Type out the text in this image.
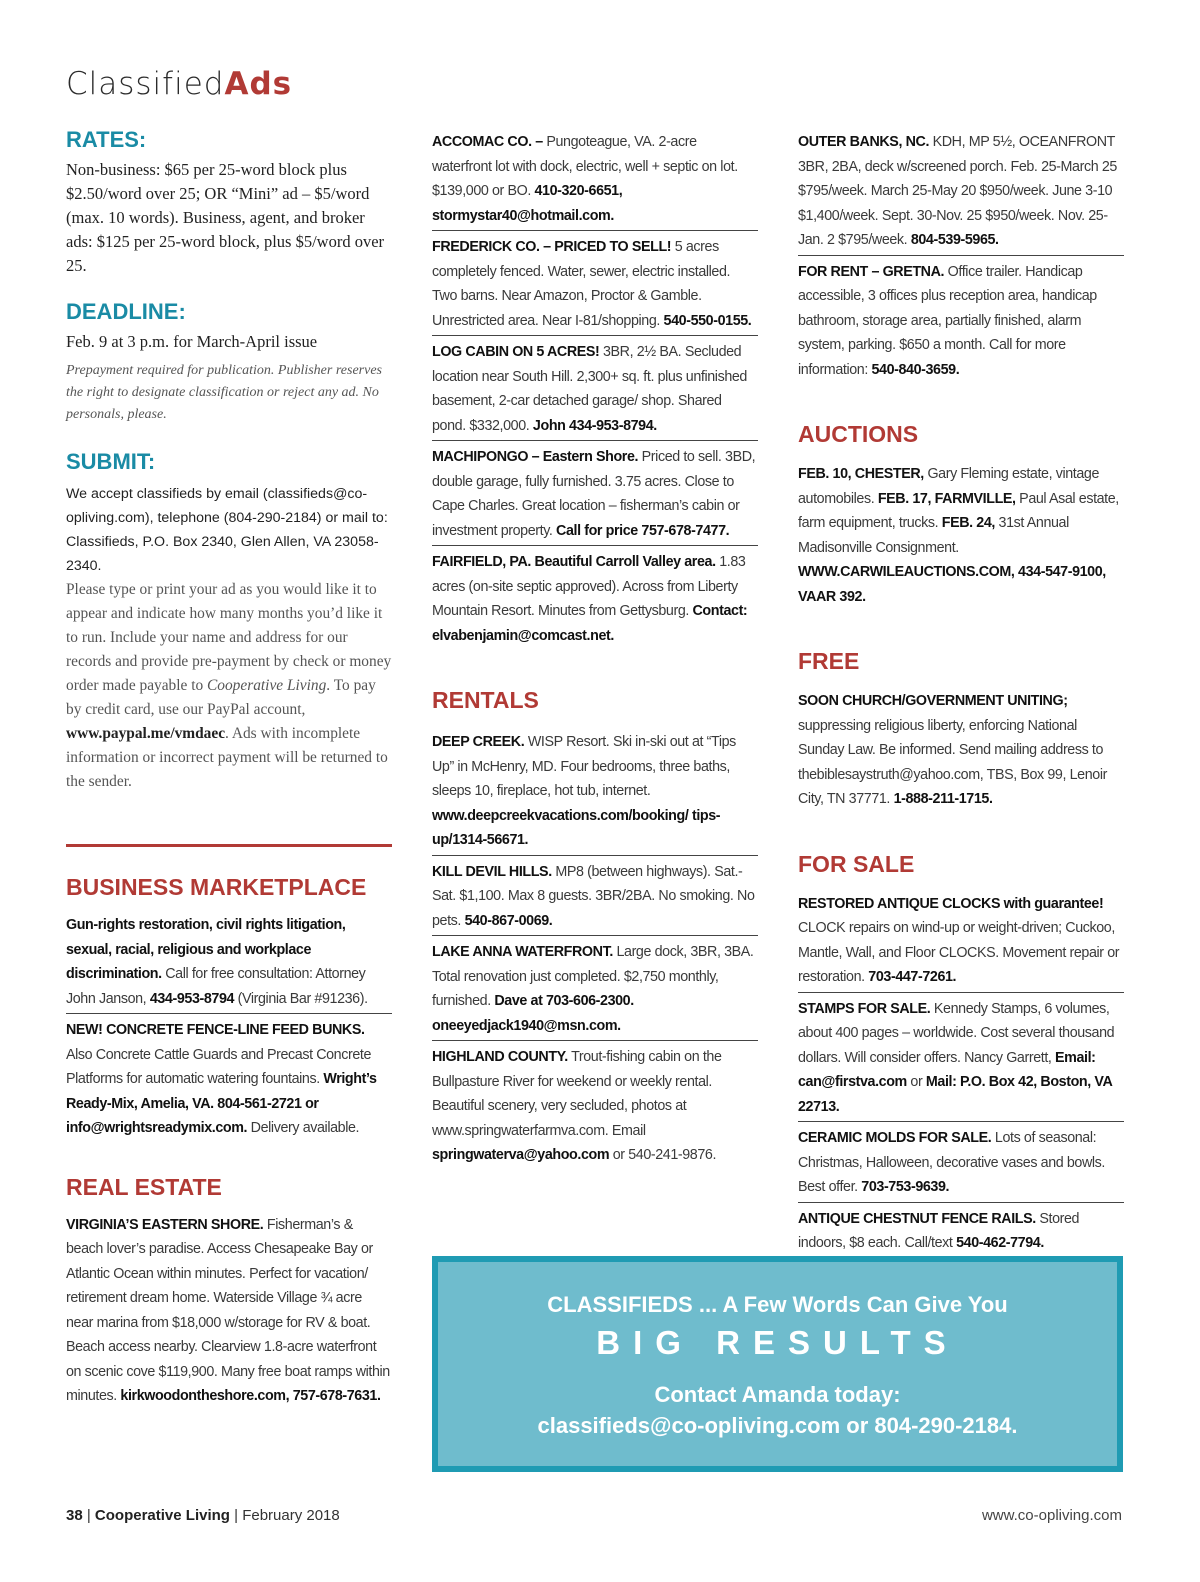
ClassifiedAds
RATES:
Non-business: $65 per 25-word block plus $2.50/word over 25; OR “Mini” ad – $5/word (max. 10 words). Business, agent, and broker ads: $125 per 25-word block, plus $5/word over 25.
DEADLINE:
Feb. 9 at 3 p.m. for March-April issue
Prepayment required for publication. Publisher reserves the right to designate classification or reject any ad. No personals, please.
SUBMIT:
We accept classifieds by email (classifieds@co-opliving.com), telephone (804-290-2184) or mail to: Classifieds, P.O. Box 2340, Glen Allen, VA 23058-2340.
Please type or print your ad as you would like it to appear and indicate how many months you’d like it to run. Include your name and address for our records and provide pre-payment by check or money order made payable to Cooperative Living. To pay by credit card, use our PayPal account, www.paypal.me/vmdaec. Ads with incomplete information or incorrect payment will be returned to the sender.
BUSINESS MARKETPLACE
Gun-rights restoration, civil rights litigation, sexual, racial, religious and workplace discrimination. Call for free consultation: Attorney John Janson, 434-953-8794 (Virginia Bar #91236).
NEW! CONCRETE FENCE-LINE FEED BUNKS. Also Concrete Cattle Guards and Precast Concrete Platforms for automatic watering fountains. Wright’s Ready-Mix, Amelia, VA. 804-561-2721 or info@wrightsreadymix.com. Delivery available.
REAL ESTATE
VIRGINIA’S EASTERN SHORE. Fisherman’s & beach lover’s paradise. Access Chesapeake Bay or Atlantic Ocean within minutes. Perfect for vacation/ retirement dream home. Waterside Village ¾ acre near marina from $18,000 w/storage for RV & boat. Beach access nearby. Clearview 1.8-acre waterfront on scenic cove $119,900. Many free boat ramps within minutes. kirkwoodontheshore.com, 757-678-7631.
ACCOMAC CO. – Pungoteague, VA. 2-acre waterfront lot with dock, electric, well + septic on lot. $139,000 or BO. 410-320-6651, stormystar40@hotmail.com.
FREDERICK CO. – PRICED TO SELL! 5 acres completely fenced. Water, sewer, electric installed. Two barns. Near Amazon, Proctor & Gamble. Unrestricted area. Near I-81/shopping. 540-550-0155.
LOG CABIN ON 5 ACRES! 3BR, 2½ BA. Secluded location near South Hill. 2,300+ sq. ft. plus unfinished basement, 2-car detached garage/ shop. Shared pond. $332,000. John 434-953-8794.
MACHIPONGO – Eastern Shore. Priced to sell. 3BD, double garage, fully furnished. 3.75 acres. Close to Cape Charles. Great location – fisherman’s cabin or investment property. Call for price 757-678-7477.
FAIRFIELD, PA. Beautiful Carroll Valley area. 1.83 acres (on-site septic approved). Across from Liberty Mountain Resort. Minutes from Gettysburg. Contact: elvabenjamin@comcast.net.
RENTALS
DEEP CREEK. WISP Resort. Ski in-ski out at “Tips Up” in McHenry, MD. Four bedrooms, three baths, sleeps 10, fireplace, hot tub, internet. www.deepcreekvacations.com/booking/ tips-up/1314-56671.
KILL DEVIL HILLS. MP8 (between highways). Sat.-Sat. $1,100. Max 8 guests. 3BR/2BA. No smoking. No pets. 540-867-0069.
LAKE ANNA WATERFRONT. Large dock, 3BR, 3BA. Total renovation just completed. $2,750 monthly, furnished. Dave at 703-606-2300. oneeyedjack1940@msn.com.
HIGHLAND COUNTY. Trout-fishing cabin on the Bullpasture River for weekend or weekly rental. Beautiful scenery, very secluded, photos at www.springwaterfarmva.com. Email springwaterva@yahoo.com or 540-241-9876.
OUTER BANKS, NC. KDH, MP 5½, OCEANFRONT 3BR, 2BA, deck w/screened porch. Feb. 25-March 25 $795/week. March 25-May 20 $950/week. June 3-10 $1,400/week. Sept. 30-Nov. 25 $950/week. Nov. 25-Jan. 2 $795/week. 804-539-5965.
FOR RENT – GRETNA. Office trailer. Handicap accessible, 3 offices plus reception area, handicap bathroom, storage area, partially finished, alarm system, parking. $650 a month. Call for more information: 540-840-3659.
AUCTIONS
FEB. 10, CHESTER, Gary Fleming estate, vintage automobiles. FEB. 17, FARMVILLE, Paul Asal estate, farm equipment, trucks. FEB. 24, 31st Annual Madisonville Consignment. WWW.CARWILEAUCTIONS.COM, 434-547-9100, VAAR 392.
FREE
SOON CHURCH/GOVERNMENT UNITING; suppressing religious liberty, enforcing National Sunday Law. Be informed. Send mailing address to thebiblesaystruth@yahoo.com, TBS, Box 99, Lenoir City, TN 37771. 1-888-211-1715.
FOR SALE
RESTORED ANTIQUE CLOCKS with guarantee! CLOCK repairs on wind-up or weight-driven; Cuckoo, Mantle, Wall, and Floor CLOCKS. Movement repair or restoration. 703-447-7261.
STAMPS FOR SALE. Kennedy Stamps, 6 volumes, about 400 pages – worldwide. Cost several thousand dollars. Will consider offers. Nancy Garrett, Email: can@firstva.com or Mail: P.O. Box 42, Boston, VA 22713.
CERAMIC MOLDS FOR SALE. Lots of seasonal: Christmas, Halloween, decorative vases and bowls. Best offer. 703-753-9639.
ANTIQUE CHESTNUT FENCE RAILS. Stored indoors, $8 each. Call/text 540-462-7794.
CLASSIFIEDS ... A Few Words Can Give You
BIG RESULTS
Contact Amanda today:
classifieds@co-opliving.com or 804-290-2184.
38 | Cooperative Living | February 2018	www.co-opliving.com
